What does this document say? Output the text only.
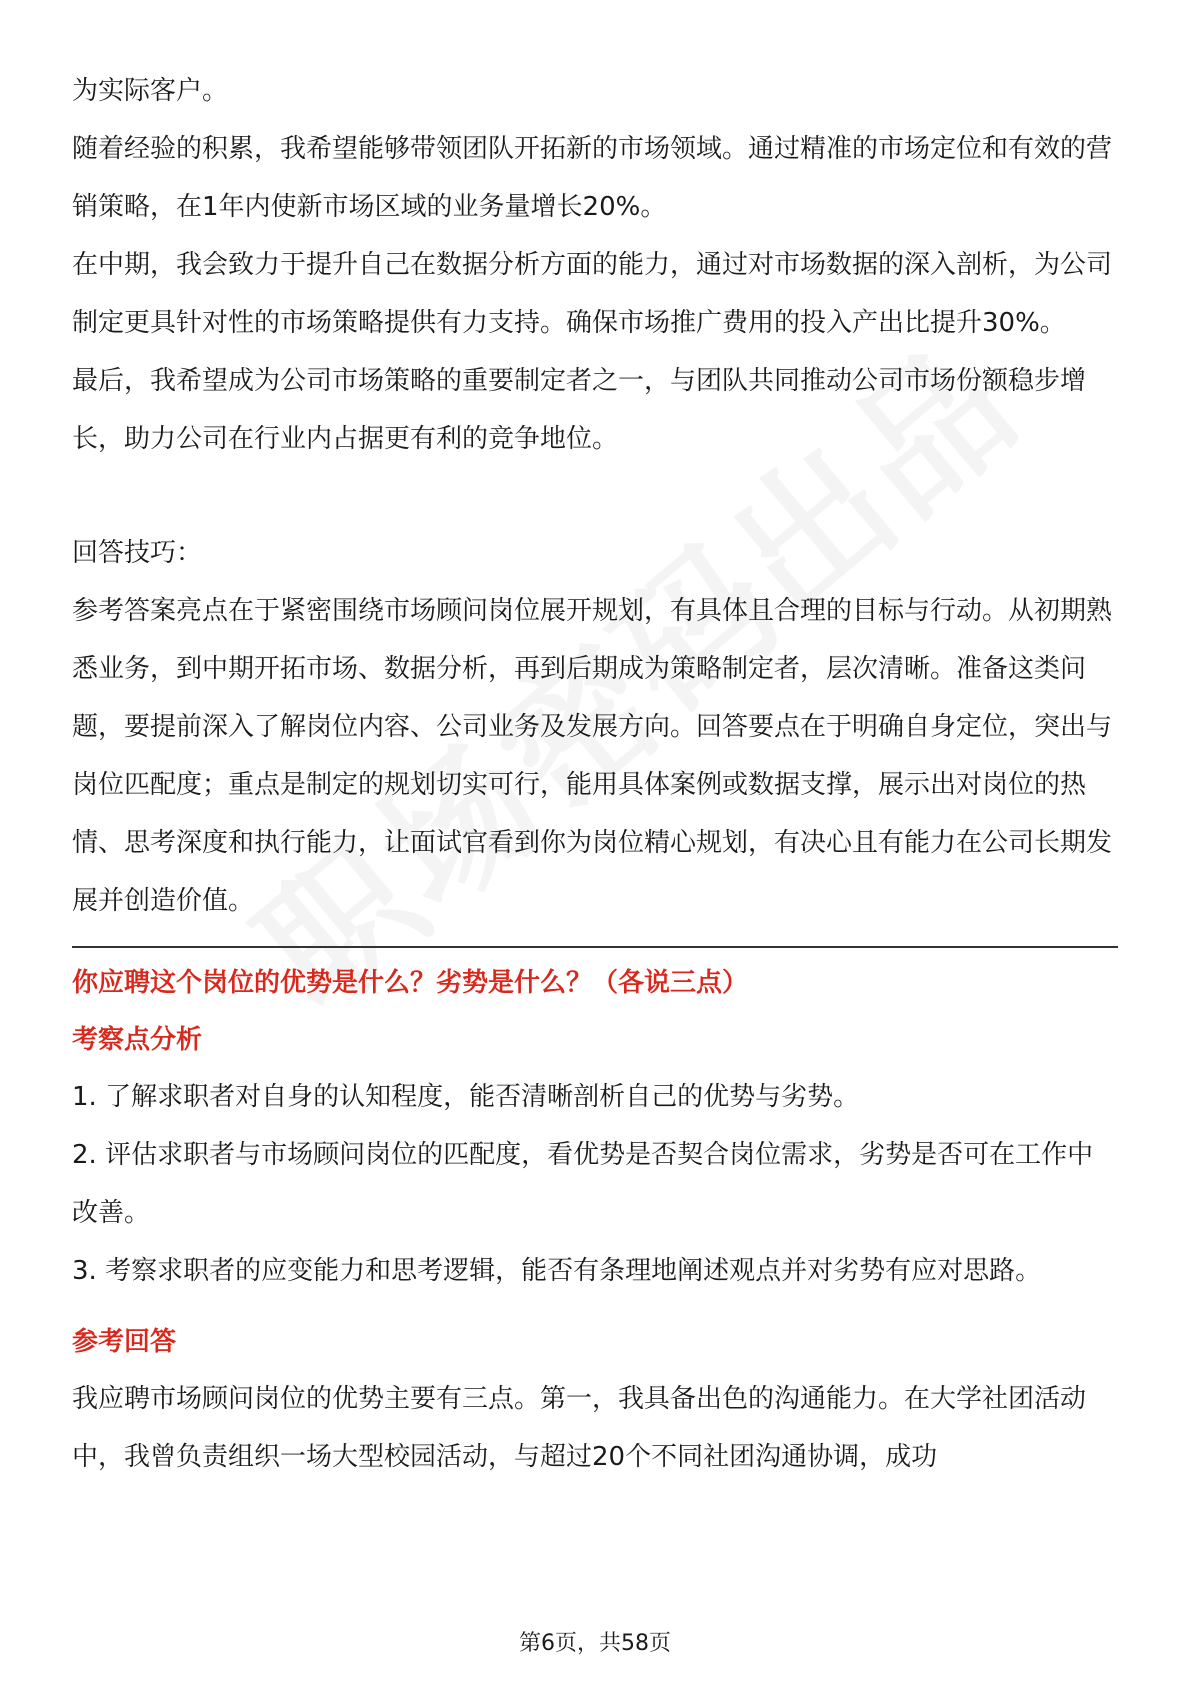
为实际客户。

随着经验的积累，我希望能够带领团队开拓新的市场领域。通过精准的市场定位和有效的营销策略，在1年内使新市场区域的业务量增长20%。

在中期，我会致力于提升自己在数据分析方面的能力，通过对市场数据的深入剖析，为公司制定更具针对性的市场策略提供有力支持。确保市场推广费用的投入产出比提升30%。

最后，我希望成为公司市场策略的重要制定者之一，与团队共同推动公司市场份额稳步增长，助力公司在行业内占据更有利的竞争地位。

回答技巧：

参考答案亮点在于紧密围绕市场顾问岗位展开规划，有具体且合理的目标与行动。从初期熟悉业务，到中期开拓市场、数据分析，再到后期成为策略制定者，层次清晰。准备这类问题，要提前深入了解岗位内容、公司业务及发展方向。回答要点在于明确自身定位，突出与岗位匹配度；重点是制定的规划切实可行，能用具体案例或数据支撑，展示出对岗位的热情、思考深度和执行能力，让面试官看到你为岗位精心规划，有决心且有能力在公司长期发展并创造价值。

你应聘这个岗位的优势是什么？劣势是什么？（各说三点）

考察点分析

1. 了解求职者对自身的认知程度，能否清晰剖析自己的优势与劣势。

2. 评估求职者与市场顾问岗位的匹配度，看优势是否契合岗位需求，劣势是否可在工作中改善。

3. 考察求职者的应变能力和思考逻辑，能否有条理地阐述观点并对劣势有应对思路。

参考回答

我应聘市场顾问岗位的优势主要有三点。第一，我具备出色的沟通能力。在大学社团活动中，我曾负责组织一场大型校园活动，与超过20个不同社团沟通协调，成功

第6页，共58页
